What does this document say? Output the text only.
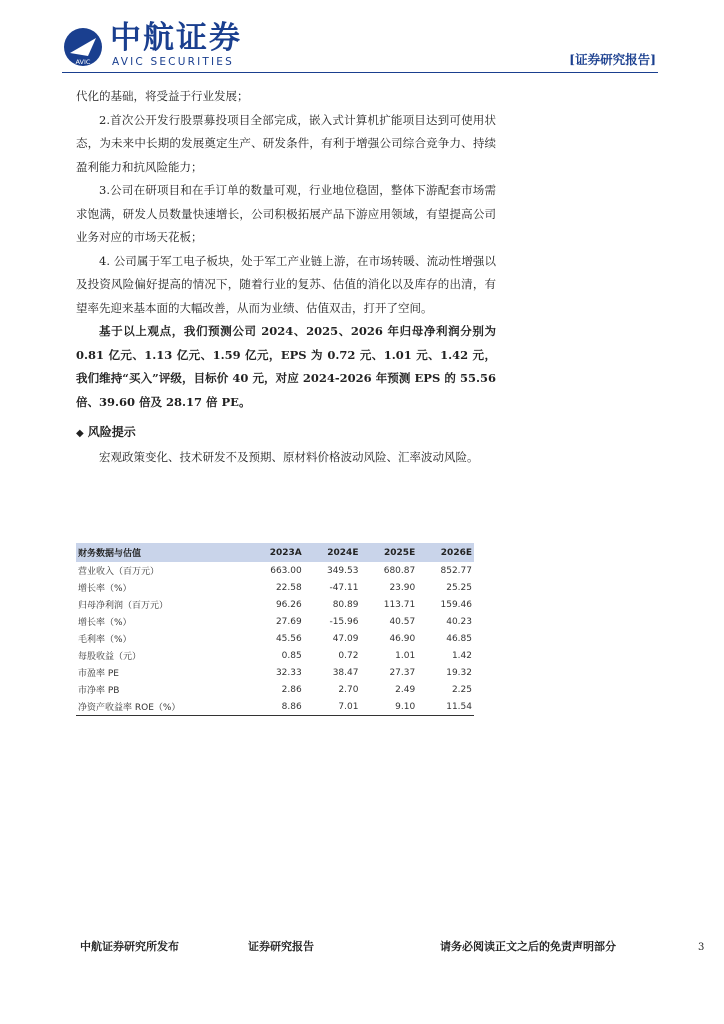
AVIC
中航证券
AVIC SECURITIES	[证券研究报告]

代化的基础，将受益于行业发展；

2.首次公开发行股票募投项目全部完成，嵌入式计算机扩能项目达到可使用状态，为未来中长期的发展奠定生产、研发条件，有利于增强公司综合竞争力、持续盈利能力和抗风险能力；

3.公司在研项目和在手订单的数量可观，行业地位稳固，整体下游配套市场需求饱满，研发人员数量快速增长，公司积极拓展产品下游应用领域，有望提高公司业务对应的市场天花板；

4. 公司属于军工电子板块，处于军工产业链上游，在市场转暖、流动性增强以及投资风险偏好提高的情况下，随着行业的复苏、估值的消化以及库存的出清，有望率先迎来基本面的大幅改善，从而为业绩、估值双击，打开了空间。

基于以上观点，我们预测公司 2024、2025、2026 年归母净利润分别为 0.81 亿元、1.13 亿元、1.59 亿元，EPS 为 0.72 元、1.01 元、1.42 元，我们维持“买入”评级，目标价 40 元，对应 2024-2026 年预测 EPS 的 55.56 倍、39.60 倍及 28.17 倍 PE。

◆ 风险提示

宏观政策变化、技术研发不及预期、原材料价格波动风险、汇率波动风险。

财务数据与估值	2023A	2024E	2025E	2026E
营业收入（百万元）	663.00	349.53	680.87	852.77
增长率（%）	22.58	-47.11	23.90	25.25
归母净利润（百万元）	96.26	80.89	113.71	159.46
增长率（%）	27.69	-15.96	40.57	40.23
毛利率（%）	45.56	47.09	46.90	46.85
每股收益（元）	0.85	0.72	1.01	1.42
市盈率 PE	32.33	38.47	27.37	19.32
市净率 PB	2.86	2.70	2.49	2.25
净资产收益率 ROE（%）	8.86	7.01	9.10	11.54
中航证券研究所发布	证券研究报告	请务必阅读正文之后的免责声明部分	3
